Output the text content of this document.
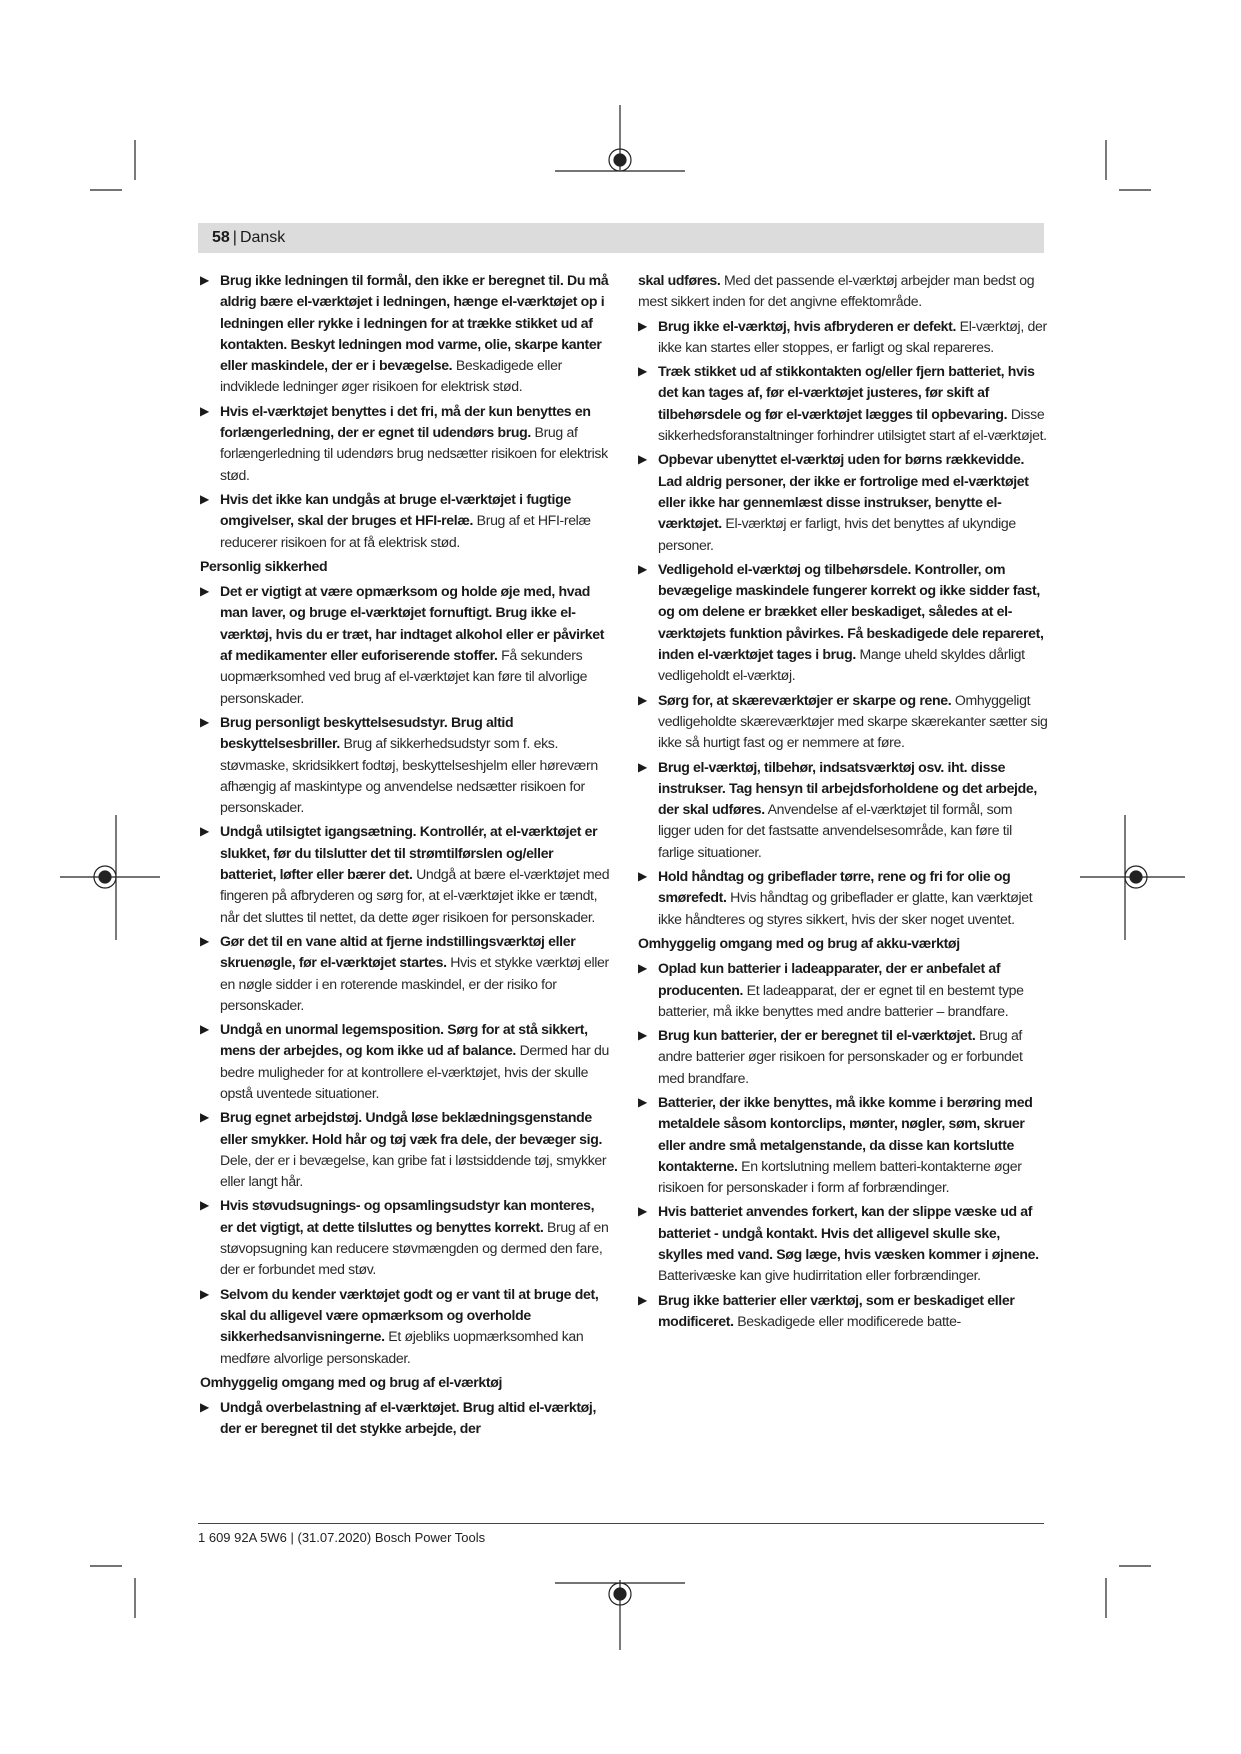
58 | Dansk
▶ Brug ikke ledningen til formål, den ikke er beregnet til. Du må aldrig bære el-værktøjet i ledningen, hænge el-værktøjet op i ledningen eller rykke i ledningen for at trække stikket ud af kontakten. Beskyt ledningen mod varme, olie, skarpe kanter eller maskindele, der er i bevægelse. Beskadigede eller indviklede ledninger øger risikoen for elektrisk stød.
▶ Hvis el-værktøjet benyttes i det fri, må der kun benyttes en forlængerledning, der er egnet til udendørs brug. Brug af forlængerledning til udendørs brug nedsætter risikoen for elektrisk stød.
▶ Hvis det ikke kan undgås at bruge el-værktøjet i fugtige omgivelser, skal der bruges et HFI-relæ. Brug af et HFI-relæ reducerer risikoen for at få elektrisk stød.
Personlig sikkerhed
▶ Det er vigtigt at være opmærksom og holde øje med, hvad man laver, og bruge el-værktøjet fornuftigt. Brug ikke el-værktøj, hvis du er træt, har indtaget alkohol eller er påvirket af medikamenter eller euforiserende stoffer. Få sekunders uopmærksomhed ved brug af el-værktøjet kan føre til alvorlige personskader.
▶ Brug personligt beskyttelsesudstyr. Brug altid beskyttelsesbriller. Brug af sikkerhedsudstyr som f. eks. støvmaske, skridsikkert fodtøj, beskyttelseshjelm eller høreværn afhængig af maskintype og anvendelse nedsætter risikoen for personskader.
▶ Undgå utilsigtet igangsætning. Kontrollér, at el-værktøjet er slukket, før du tilslutter det til strømtilførslen og/eller batteriet, løfter eller bærer det. Undgå at bære el-værktøjet med fingeren på afbryderen og sørg for, at el-værktøjet ikke er tændt, når det sluttes til nettet, da dette øger risikoen for personskader.
▶ Gør det til en vane altid at fjerne indstillingsværktøj eller skruenøgle, før el-værktøjet startes. Hvis et stykke værktøj eller en nøgle sidder i en roterende maskindel, er der risiko for personskader.
▶ Undgå en unormal legemsposition. Sørg for at stå sikkert, mens der arbejdes, og kom ikke ud af balance. Dermed har du bedre muligheder for at kontrollere el-værktøjet, hvis der skulle opstå uventede situationer.
▶ Brug egnet arbejdstøj. Undgå løse beklædningsgenstande eller smykker. Hold hår og tøj væk fra dele, der bevæger sig. Dele, der er i bevægelse, kan gribe fat i løstsiddende tøj, smykker eller langt hår.
▶ Hvis støvudsugnings- og opsamlingsudstyr kan monteres, er det vigtigt, at dette tilsluttes og benyttes korrekt. Brug af en støvopsugning kan reducere støvmængden og dermed den fare, der er forbundet med støv.
▶ Selvom du kender værktøjet godt og er vant til at bruge det, skal du alligevel være opmærksom og overholde sikkerhedsanvisningerne. Et øjebliks uopmærksomhed kan medføre alvorlige personskader.
Omhyggelig omgang med og brug af el-værktøj
▶ Undgå overbelastning af el-værktøjet. Brug altid el-værktøj, der er beregnet til det stykke arbejde, der
skal udføres. Med det passende el-værktøj arbejder man bedst og mest sikkert inden for det angivne effektområde.
▶ Brug ikke el-værktøj, hvis afbryderen er defekt. El-værktøj, der ikke kan startes eller stoppes, er farligt og skal repareres.
▶ Træk stikket ud af stikkontakten og/eller fjern batteriet, hvis det kan tages af, før el-værktøjet justeres, før skift af tilbehørsdele og før el-værktøjet lægges til opbevaring. Disse sikkerhedsforanstaltninger forhindrer utilsigtet start af el-værktøjet.
▶ Opbevar ubenyttet el-værktøj uden for børns rækkevidde. Lad aldrig personer, der ikke er fortrolige med el-værktøjet eller ikke har gennemlæst disse instrukser, benytte el-værktøjet. El-værktøj er farligt, hvis det benyttes af ukyndige personer.
▶ Vedligehold el-værktøj og tilbehørsdele. Kontroller, om bevægelige maskindele fungerer korrekt og ikke sidder fast, og om delene er brækket eller beskadiget, således at el-værktøjets funktion påvirkes. Få beskadigede dele repareret, inden el-værktøjet tages i brug. Mange uheld skyldes dårligt vedligeholdt el-værktøj.
▶ Sørg for, at skæreværktøjer er skarpe og rene. Omhyggeligt vedligeholdte skæreværktøjer med skarpe skærekanter sætter sig ikke så hurtigt fast og er nemmere at føre.
▶ Brug el-værktøj, tilbehør, indsatsværktøj osv. iht. disse instrukser. Tag hensyn til arbejdsforholdene og det arbejde, der skal udføres. Anvendelse af el-værktøjet til formål, som ligger uden for det fastsatte anvendelsesområde, kan føre til farlige situationer.
▶ Hold håndtag og gribeflader tørre, rene og fri for olie og smørefedt. Hvis håndtag og gribeflader er glatte, kan værktøjet ikke håndteres og styres sikkert, hvis der sker noget uventet.
Omhyggelig omgang med og brug af akku-værktøj
▶ Oplad kun batterier i ladeapparater, der er anbefalet af producenten. Et ladeapparat, der er egnet til en bestemt type batterier, må ikke benyttes med andre batterier – brandfare.
▶ Brug kun batterier, der er beregnet til el-værktøjet. Brug af andre batterier øger risikoen for personskader og er forbundet med brandfare.
▶ Batterier, der ikke benyttes, må ikke komme i berøring med metaldele såsom kontorclips, mønter, nøgler, søm, skruer eller andre små metalgenstande, da disse kan kortslutte kontakterne. En kortslutning mellem batteri-kontakterne øger risikoen for personskader i form af forbrændinger.
▶ Hvis batteriet anvendes forkert, kan der slippe væske ud af batteriet - undgå kontakt. Hvis det alligevel skulle ske, skylles med vand. Søg læge, hvis væsken kommer i øjnene. Batterivæske kan give hudirritation eller forbrændinger.
▶ Brug ikke batterier eller værktøj, som er beskadiget eller modificeret. Beskadigede eller modificerede batte-
1 609 92A 5W6 | (31.07.2020) Bosch Power Tools
